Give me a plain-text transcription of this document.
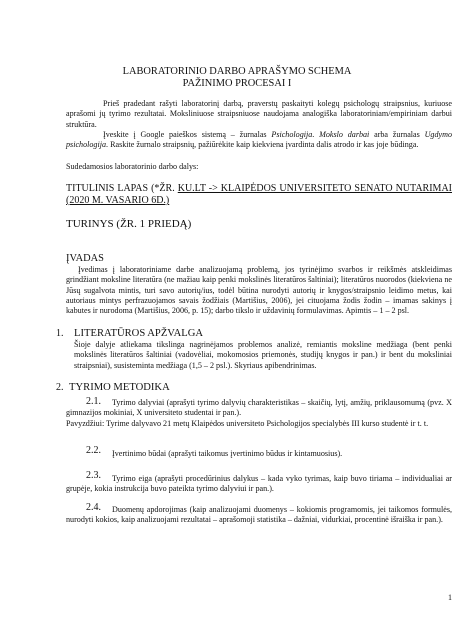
LABORATORINIO DARBO APRAŠYMO SCHEMA
PAŽINIMO PROCESAI I

Prieš pradedant rašyti laboratorinį darbą, praverstų paskaityti kolegų psichologų straipsnius, kuriuose aprašomi jų tyrimo rezultatai. Moksliniuose straipsniuose naudojama analogiška laboratoriniam/empiriniam darbui struktūra.

Įveskite į Google paieškos sistemą – žurnalas Psichologija. Mokslo darbai arba žurnalas Ugdymo psichologija. Raskite žurnalo straipsnių, pažiūrėkite kaip kiekviena įvardinta dalis atrodo ir kas joje būdinga.

Sudedamosios laboratorinio darbo dalys:

TITULINIS LAPAS (*ŽR. KU.LT -> KLAIPĖDOS UNIVERSITETO SENATO NUTARIMAI (2020 M. VASARIO 6D.)

TURINYS (ŽR. 1 PRIEDĄ)
ĮVADAS

Įvedimas į laboratoriniame darbe analizuojamą problemą, jos tyrinėjimo svarbos ir reikšmės atskleidimas grindžiant moksline literatūra (ne mažiau kaip penki mokslinės literatūros šaltiniai); literatūros nuorodos (kiekviena ne Jūsų sugalvota mintis, turi savo autorių/ius, todėl būtina nurodyti autorių ir knygos/straipsnio leidimo metus, kai autoriaus mintys perfrazuojamos savais žodžiais (Martišius, 2006), jei cituojama žodis žodin – imamas sakinys į kabutes ir nurodoma (Martišius, 2006, p. 15); darbo tikslo ir uždavinių formulavimas. Apimtis – 1 – 2 psl.

1. LITERATŪROS APŽVALGA

Šioje dalyje atliekama tikslinga nagrinėjamos problemos analizė, remiantis moksline medžiaga (bent penki mokslinės literatūros šaltiniai (vadovėliai, mokomosios priemonės, studijų knygos ir pan.) ir bent du moksliniai straipsniai), susisteminta medžiaga (1,5 – 2 psl.). Skyriaus apibendrinimas.

2. TYRIMO METODIKA
2.1.	Tyrimo dalyviai (aprašyti tyrimo dalyvių charakteristikas – skaičių, lytį, amžių, priklausomumą (pvz. X gimnazijos mokiniai, X universiteto studentai ir pan.).

Pavyzdžiui: Tyrime dalyvavo 21 metų Klaipėdos universiteto Psichologijos specialybės III kurso studentė ir t. t.

2.2.	Įvertinimo būdai (aprašyti taikomus įvertinimo būdus ir kintamuosius).

2.3.	Tyrimo eiga (aprašyti procedūrinius dalykus – kada vyko tyrimas, kaip buvo tiriama – individualiai ar grupėje, kokia instrukcija buvo pateikta tyrimo dalyviui ir pan.).

2.4.	Duomenų apdorojimas (kaip analizuojami duomenys – kokiomis programomis, jei taikomos formulės, nurodyti kokios, kaip analizuojami rezultatai – aprašomoji statistika – dažniai, vidurkiai, procentinė išraiška ir pan.).

1
